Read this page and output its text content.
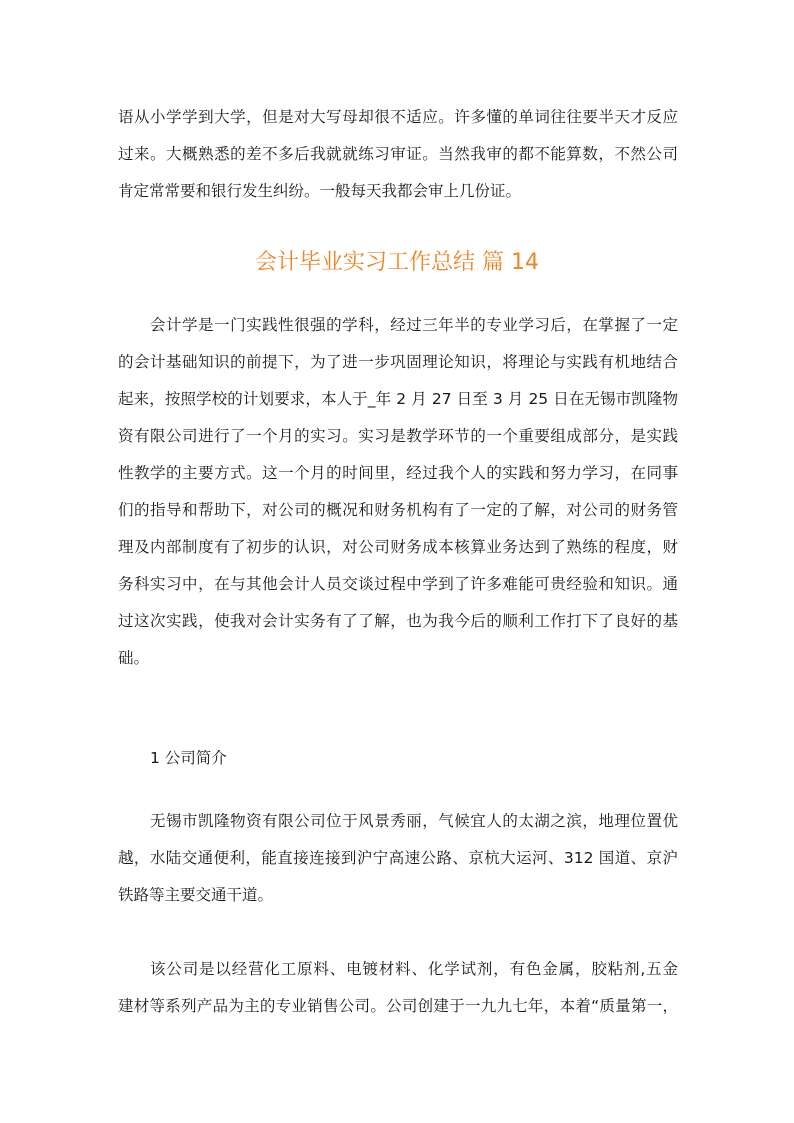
语从小学学到大学，但是对大写母却很不适应。许多懂的单词往往要半天才反应
过来。大概熟悉的差不多后我就就练习审证。当然我审的都不能算数，不然公司
肯定常常要和银行发生纠纷。一般每天我都会审上几份证。
会计毕业实习工作总结 篇 14
会计学是一门实践性很强的学科，经过三年半的专业学习后，在掌握了一定
的会计基础知识的前提下，为了进一步巩固理论知识，将理论与实践有机地结合
起来，按照学校的计划要求，本人于_年 2 月 27 日至 3 月 25 日在无锡市凯隆物
资有限公司进行了一个月的实习。实习是教学环节的一个重要组成部分，是实践
性教学的主要方式。这一个月的时间里，经过我个人的实践和努力学习，在同事
们的指导和帮助下，对公司的概况和财务机构有了一定的了解，对公司的财务管
理及内部制度有了初步的认识，对公司财务成本核算业务达到了熟练的程度，财
务科实习中，在与其他会计人员交谈过程中学到了许多难能可贵经验和知识。通
过这次实践，使我对会计实务有了了解，也为我今后的顺利工作打下了良好的基
础。
1 公司简介
无锡市凯隆物资有限公司位于风景秀丽，气候宜人的太湖之滨，地理位置优
越，水陆交通便利，能直接连接到沪宁高速公路、京杭大运河、312 国道、京沪
铁路等主要交通干道。
该公司是以经营化工原料、电镀材料、化学试剂，有色金属，胶粘剂,五金
建材等系列产品为主的专业销售公司。公司创建于一九九七年，本着“质量第一，
